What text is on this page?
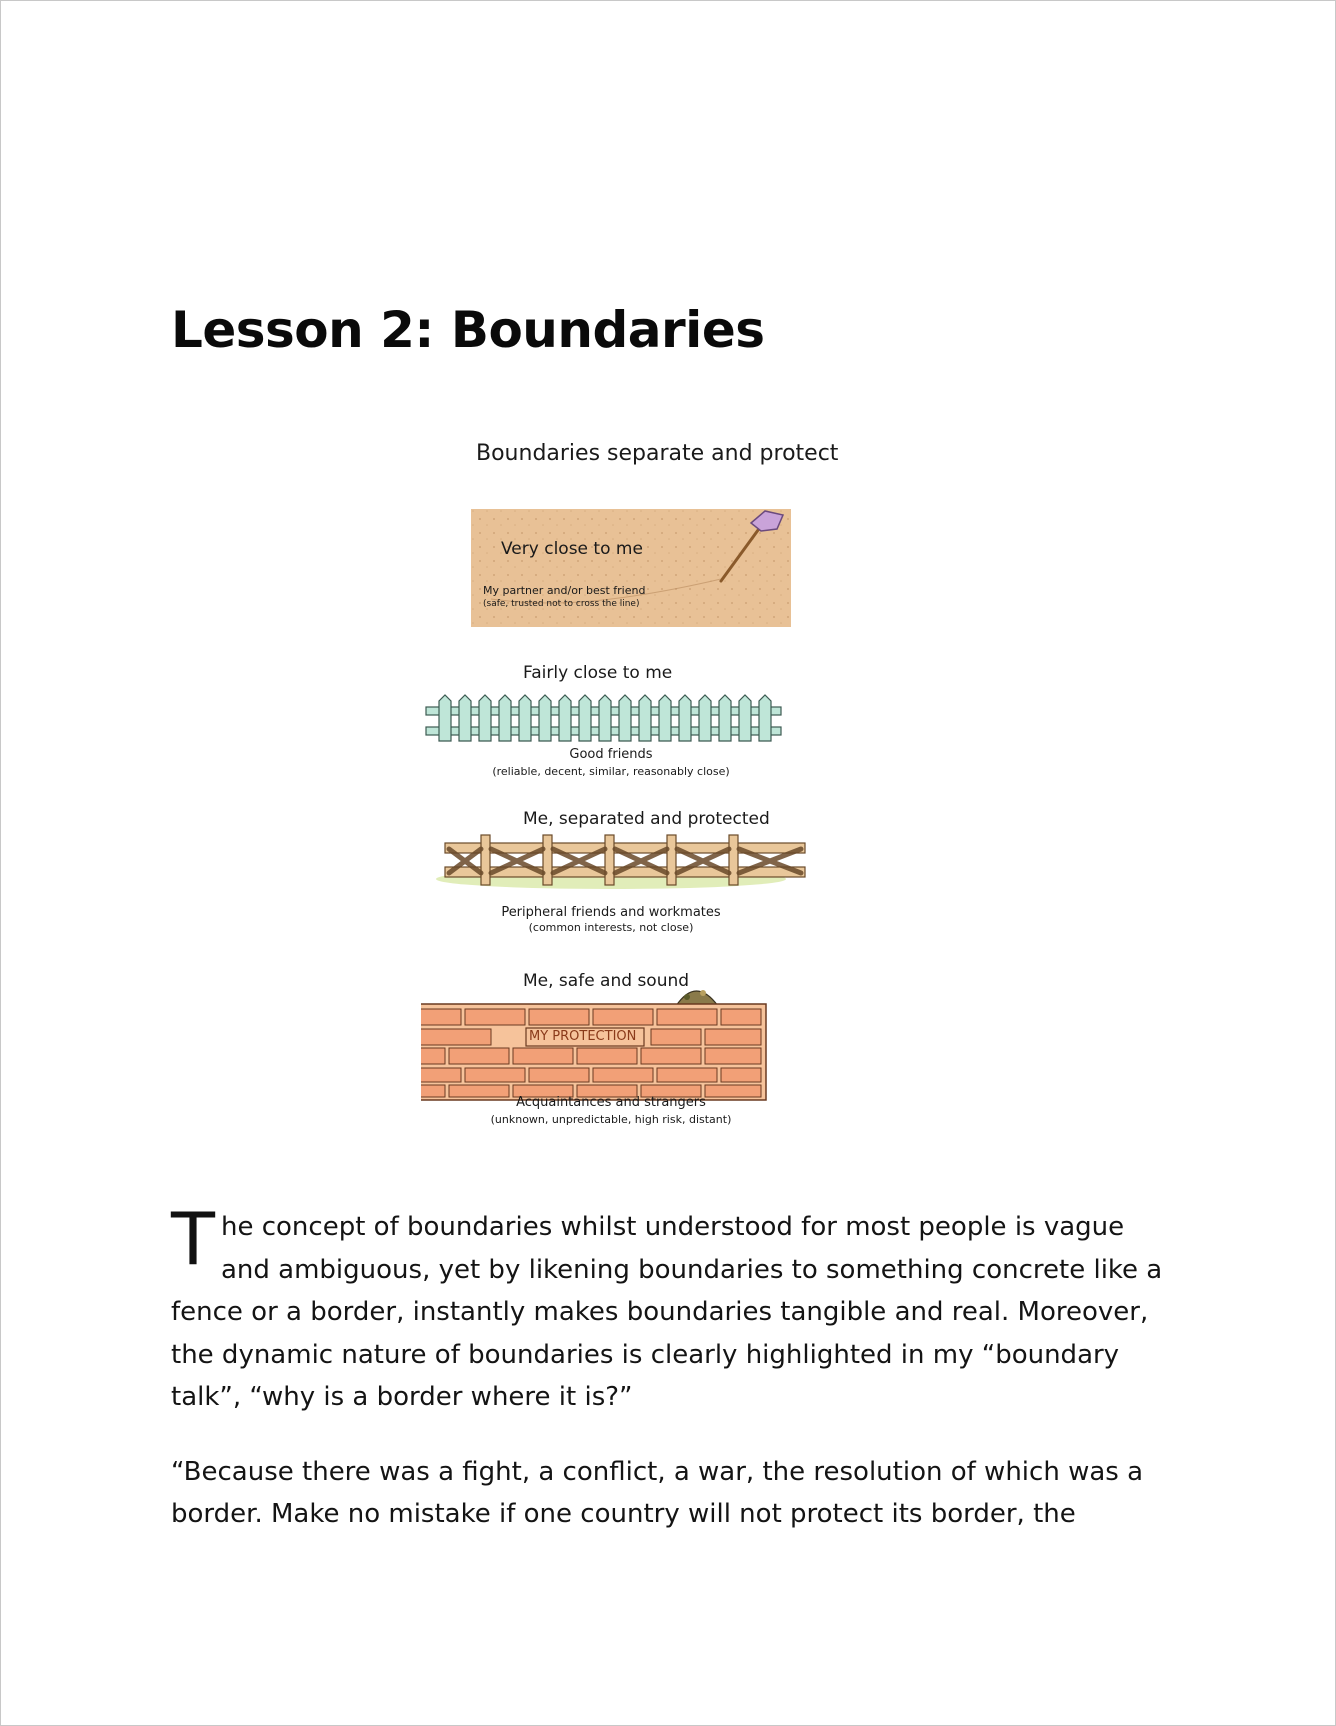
Lesson 2: Boundaries

Boundaries separate and protect

Very close to me

My partner and/or best friend

(safe, trusted not to cross the line)

Fairly close to me

Good friends

(reliable, decent, similar, reasonably close)

Me, separated and protected

Peripheral friends and workmates

(common interests, not close)

Me, safe and sound

MY PROTECTION

Acquaintances and strangers

(unknown, unpredictable, high risk, distant)

The concept of boundaries whilst understood for most people is vague and ambiguous, yet by likening boundaries to something concrete like a fence or a border, instantly makes boundaries tangible and real. Moreover, the dynamic nature of boundaries is clearly highlighted in my “boundary talk”, “why is a border where it is?”

“Because there was a fight, a conflict, a war, the resolution of which was a border. Make no mistake if one country will not protect its border, the
